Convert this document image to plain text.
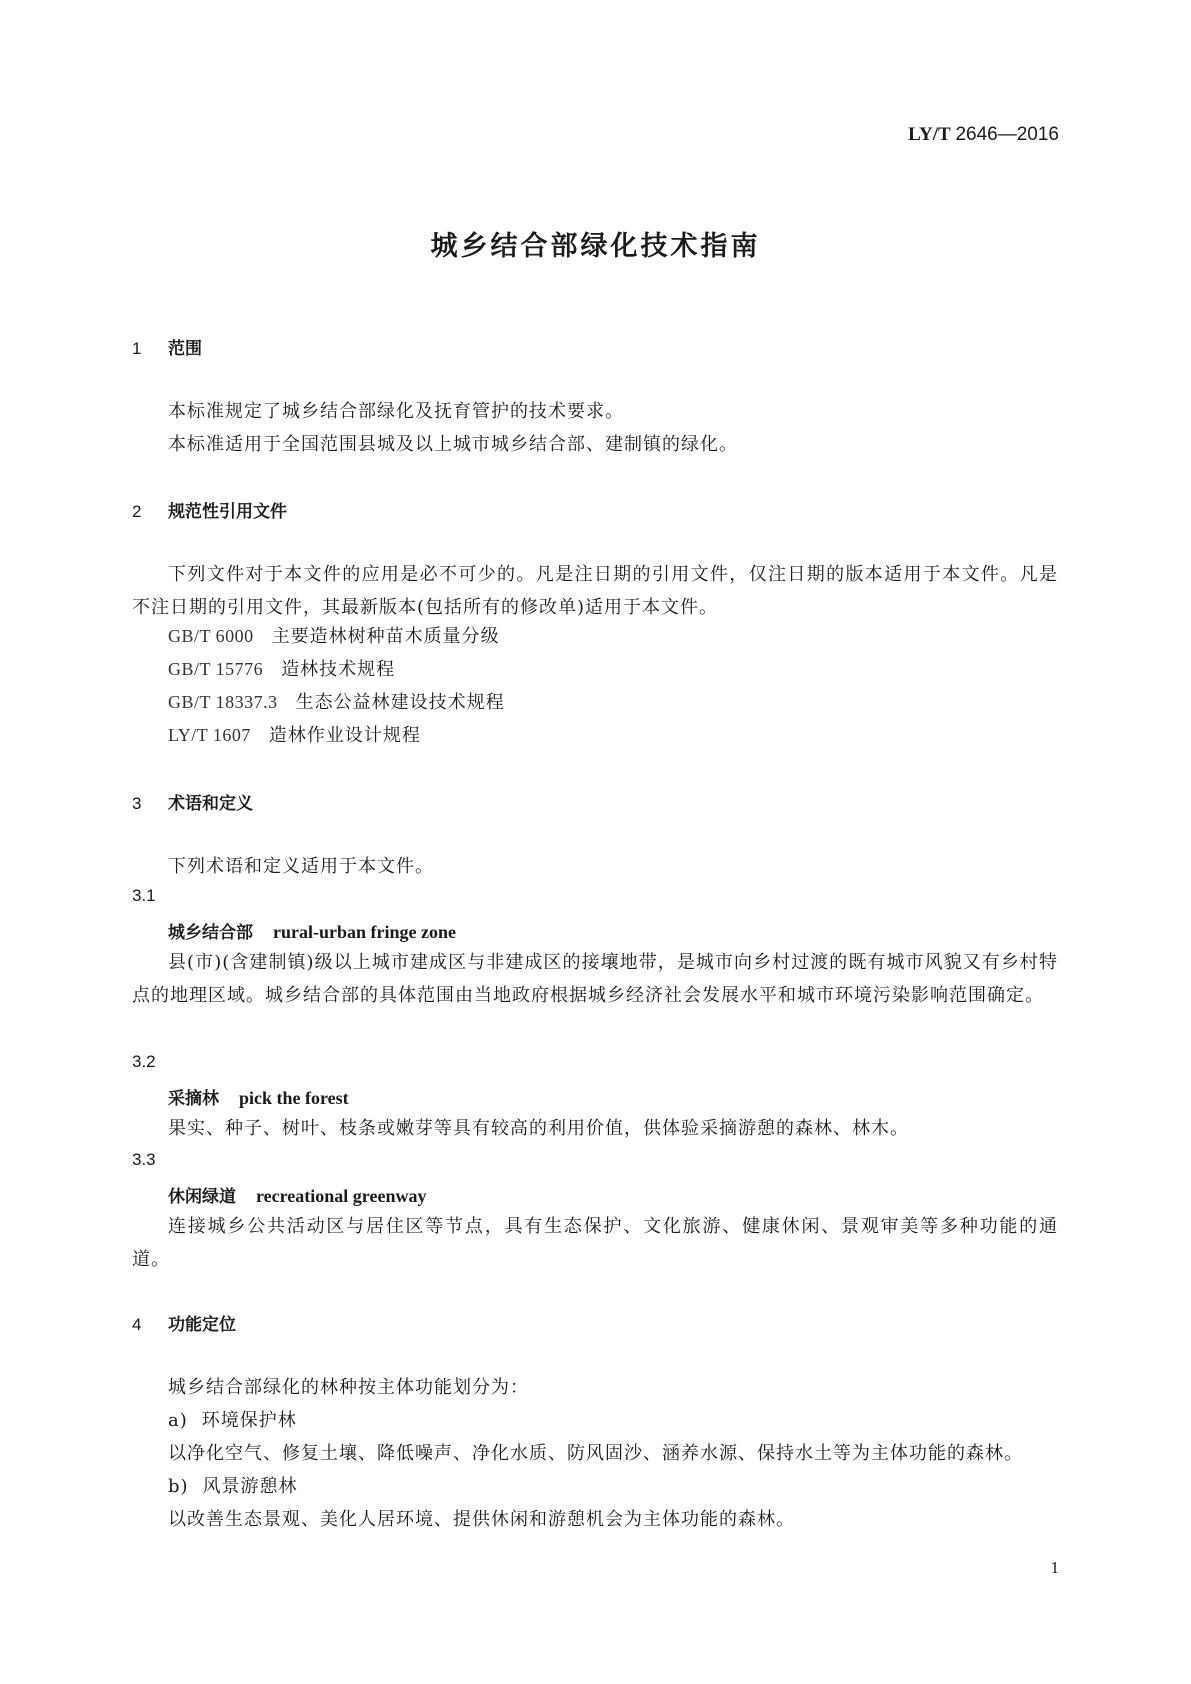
LY/T 2646—2016
城乡结合部绿化技术指南
1 范围
本标准规定了城乡结合部绿化及抚育管护的技术要求。
本标准适用于全国范围县城及以上城市城乡结合部、建制镇的绿化。
2 规范性引用文件
下列文件对于本文件的应用是必不可少的。凡是注日期的引用文件，仅注日期的版本适用于本文件。凡是不注日期的引用文件，其最新版本(包括所有的修改单)适用于本文件。
GB/T 6000 主要造林树种苗木质量分级
GB/T 15776 造林技术规程
GB/T 18337.3 生态公益林建设技术规程
LY/T 1607 造林作业设计规程
3 术语和定义
下列术语和定义适用于本文件。
3.1
城乡结合部 rural-urban fringe zone
县(市)(含建制镇)级以上城市建成区与非建成区的接壤地带，是城市向乡村过渡的既有城市风貌又有乡村特点的地理区域。城乡结合部的具体范围由当地政府根据城乡经济社会发展水平和城市环境污染影响范围确定。
3.2
采摘林 pick the forest
果实、种子、树叶、枝条或嫩芽等具有较高的利用价值，供体验采摘游憩的森林、林木。
3.3
休闲绿道 recreational greenway
连接城乡公共活动区与居住区等节点，具有生态保护、文化旅游、健康休闲、景观审美等多种功能的通道。
4 功能定位
城乡结合部绿化的林种按主体功能划分为：
a) 环境保护林
以净化空气、修复土壤、降低噪声、净化水质、防风固沙、涵养水源、保持水土等为主体功能的森林。
b) 风景游憩林
以改善生态景观、美化人居环境、提供休闲和游憩机会为主体功能的森林。
1
